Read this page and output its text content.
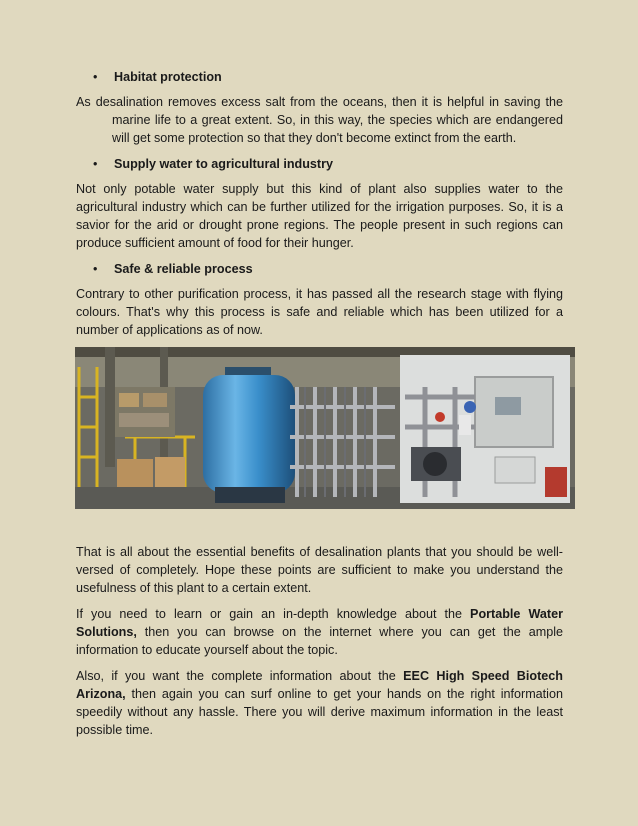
• Habitat protection

As desalination removes excess salt from the oceans, then it is helpful in saving the marine life to a great extent. So, in this way, the species which are endangered will get some protection so that they don't become extinct from the earth.

• Supply water to agricultural industry

Not only potable water supply but this kind of plant also supplies water to the agricultural industry which can be further utilized for the irrigation purposes. So, it is a savior for the arid or drought prone regions. The people present in such regions can produce sufficient amount of food for their hunger.

• Safe & reliable process

Contrary to other purification process, it has passed all the research stage with flying colours. That's why this process is safe and reliable which has been utilized for a number of applications as of now.

That is all about the essential benefits of desalination plants that you should be well-versed of completely. Hope these points are sufficient to make you understand the usefulness of this plant to a certain extent.

If you need to learn or gain an in-depth knowledge about the Portable Water Solutions, then you can browse on the internet where you can get the ample information to educate yourself about the topic.

Also, if you want the complete information about the EEC High Speed Biotech Arizona, then again you can surf online to get your hands on the right information speedily without any hassle. There you will derive maximum information in the least possible time.
